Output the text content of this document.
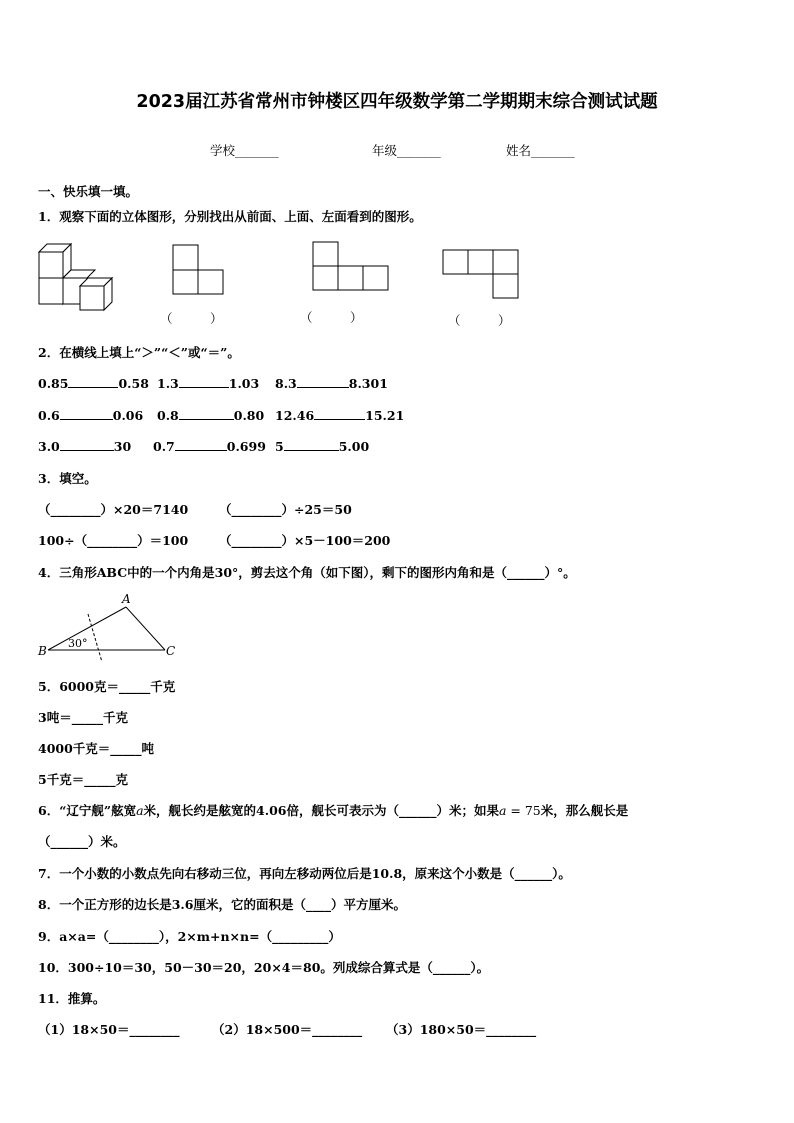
2023届江苏省常州市钟楼区四年级数学第二学期期末综合测试试题
学校_______	年级_______	姓名_______
一、快乐填一填。
1．观察下面的立体图形，分别找出从前面、上面、左面看到的图形。
（　　　）	（　　　）	（　　　）
2．在横线上填上“＞”“＜”或“＝”。
0.85	0.58 1.3	1.03 8.3	8.301
0.6	0.06 0.8	0.80 12.46	15.21
3.0	30 0.7	0.699 5	5.00
3．填空。
（________）×20＝7140 （________）÷25＝50
100÷（________）＝100 （________）×5－100＝200
4．三角形ABC中的一个内角是30°，剪去这个角（如下图），剩下的图形内角和是（______）°。
A
B	C
30°
5．6000克＝_____千克
3吨＝_____千克
4000千克＝_____吨
5千克＝_____克
6．“辽宁舰”舷宽a米，舰长约是舷宽的4.06倍，舰长可表示为（______）米；如果a = 75米，那么舰长是
（______）米。
7．一个小数的小数点先向右移动三位，再向左移动两位后是10.8，原来这个小数是（______）。
8．一个正方形的边长是3.6厘米，它的面积是（____）平方厘米。
9．a×a=（________），2×m+n×n=（_________）
10．300÷10＝30，50－30＝20，20×4＝80。列成综合算式是（______）。
11．推算。
（1）18×50＝________	（2）18×500＝________ （3）180×50＝________
